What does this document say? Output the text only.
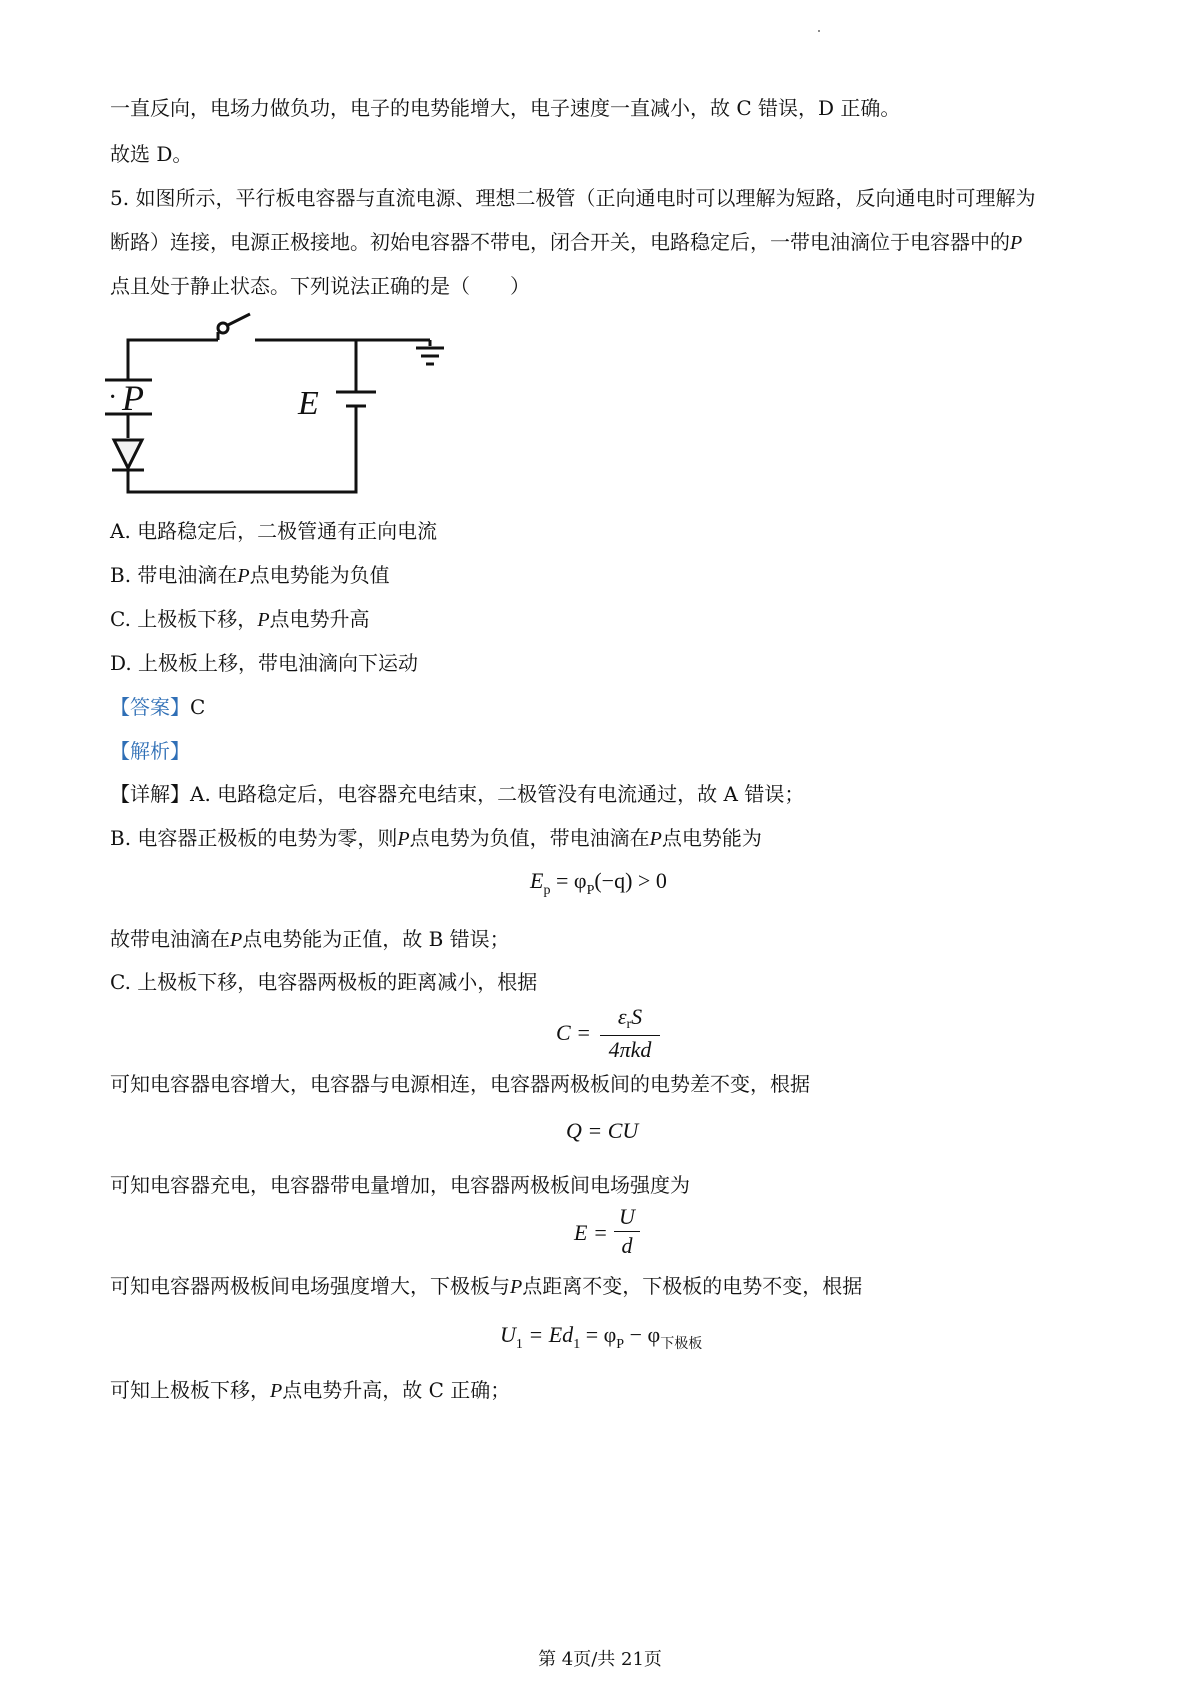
一直反向，电场力做负功，电子的电势能增大，电子速度一直减小，故 C 错误，D 正确。
故选 D。
5. 如图所示，平行板电容器与直流电源、理想二极管（正向通电时可以理解为短路，反向通电时可理解为
断路）连接，电源正极接地。初始电容器不带电，闭合开关，电路稳定后，一带电油滴位于电容器中的P
点且处于静止状态。下列说法正确的是（　　）
P
·	E
A. 电路稳定后，二极管通有正向电流
B. 带电油滴在P点电势能为负值
C. 上极板下移，P点电势升高
D. 上极板上移，带电油滴向下运动
【答案】C
【解析】
【详解】A. 电路稳定后，电容器充电结束，二极管没有电流通过，故 A 错误；
B. 电容器正极板的电势为零，则P点电势为负值，带电油滴在P点电势能为
$E_p = \varphi_P(-q) > 0$
故带电油滴在P点电势能为正值，故 B 错误；
C. 上极板下移，电容器两极板的距离减小，根据
C =
εrS
4πkd
可知电容器电容增大，电容器与电源相连，电容器两极板间的电势差不变，根据
Q = CU
可知电容器充电，电容器带电量增加，电容器两极板间电场强度为
E =
U
d
可知电容器两极板间电场强度增大，下极板与P点距离不变，下极板的电势不变，根据
$U_1 = Ed_1 = \varphi_P - \varphi_{下极板}$
可知上极板下移，P点电势升高，故 C 正确；
第 4页/共 21页
